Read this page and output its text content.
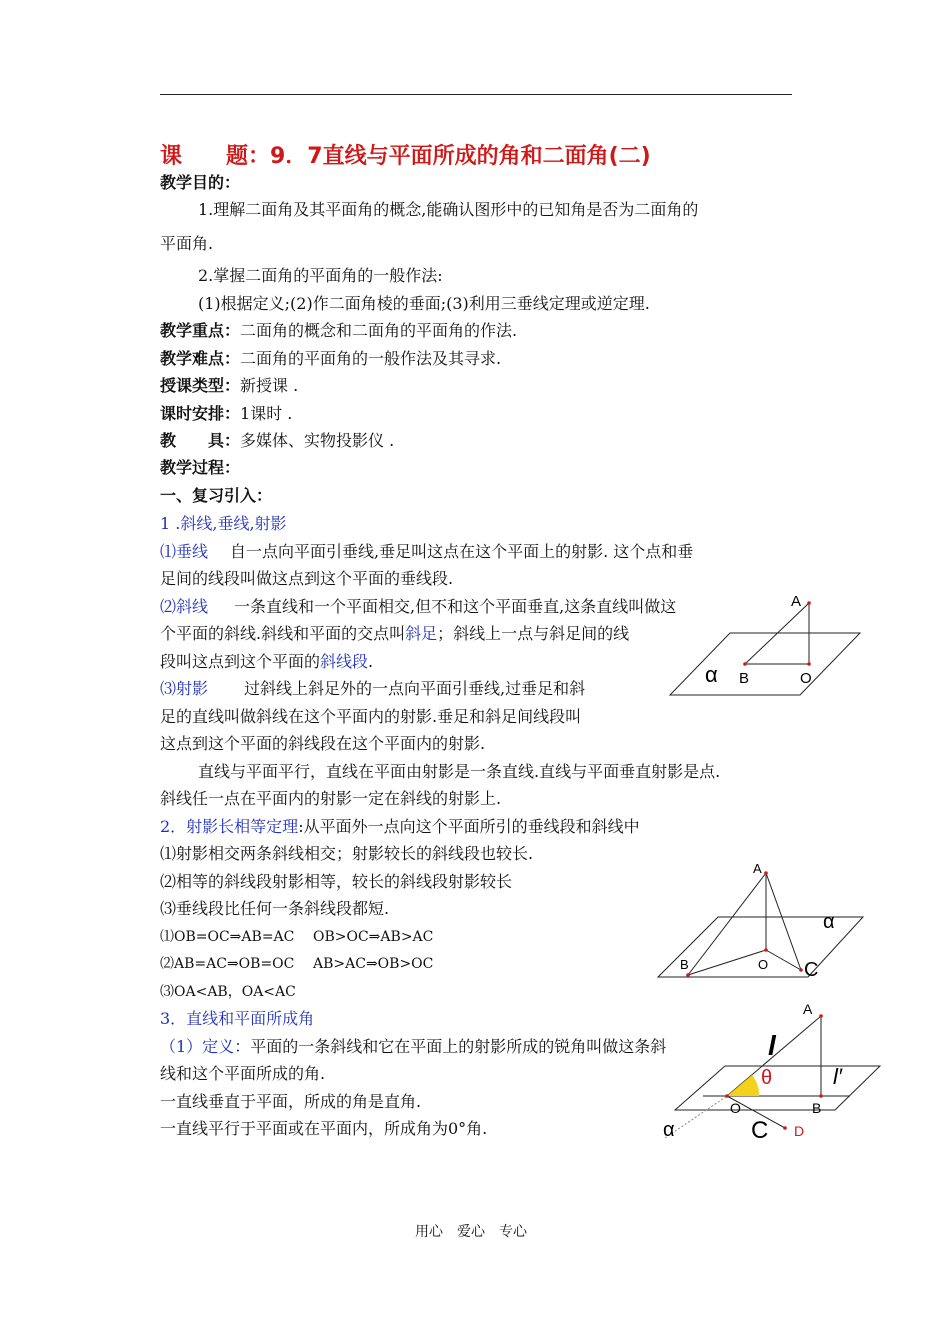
课　　题：9．7直线与平面所成的角和二面角(二)
教学目的：
1.理解二面角及其平面角的概念,能确认图形中的已知角是否为二面角的
平面角.
2.掌握二面角的平面角的一般作法:
(1)根据定义;(2)作二面角棱的垂面;(3)利用三垂线定理或逆定理.
教学重点：二面角的概念和二面角的平面角的作法.
教学难点：二面角的平面角的一般作法及其寻求.
授课类型：新授课 .
课时安排：1课时 .
教　　具：多媒体、实物投影仪 .
教学过程：
一、复习引入：
1 .斜线,垂线,射影
⑴垂线 自一点向平面引垂线,垂足叫这点在这个平面上的射影. 这个点和垂
足间的线段叫做这点到这个平面的垂线段.
⑵斜线 一条直线和一个平面相交,但不和这个平面垂直,这条直线叫做这
个平面的斜线.斜线和平面的交点叫斜足；斜线上一点与斜足间的线
段叫这点到这个平面的斜线段.
⑶射影 过斜线上斜足外的一点向平面引垂线,过垂足和斜
足的直线叫做斜线在这个平面内的射影.垂足和斜足间线段叫
这点到这个平面的斜线段在这个平面内的射影.
直线与平面平行，直线在平面由射影是一条直线.直线与平面垂直射影是点.
斜线任一点在平面内的射影一定在斜线的射影上.
2．射影长相等定理:从平面外一点向这个平面所引的垂线段和斜线中
⑴射影相交两条斜线相交；射影较长的斜线段也较长.
⑵相等的斜线段射影相等，较长的斜线段射影较长
⑶垂线段比任何一条斜线段都短.
⑴OB=OC⇒AB=AC OB>OC⇒AB>AC
⑵AB=AC⇒OB=OC AB>AC⇒OB>OC
⑶OA<AB，OA<AC
3．直线和平面所成角
（1）定义：平面的一条斜线和它在平面上的射影所成的锐角叫做这条斜
线和这个平面所成的角.
一直线垂直于平面，所成的角是直角.
一直线平行于平面或在平面内，所成角为0°角.
用心　爱心　专心
A
B	O
α
A
B	O C
α
A
O	B
C D
l
l′
θ
α
